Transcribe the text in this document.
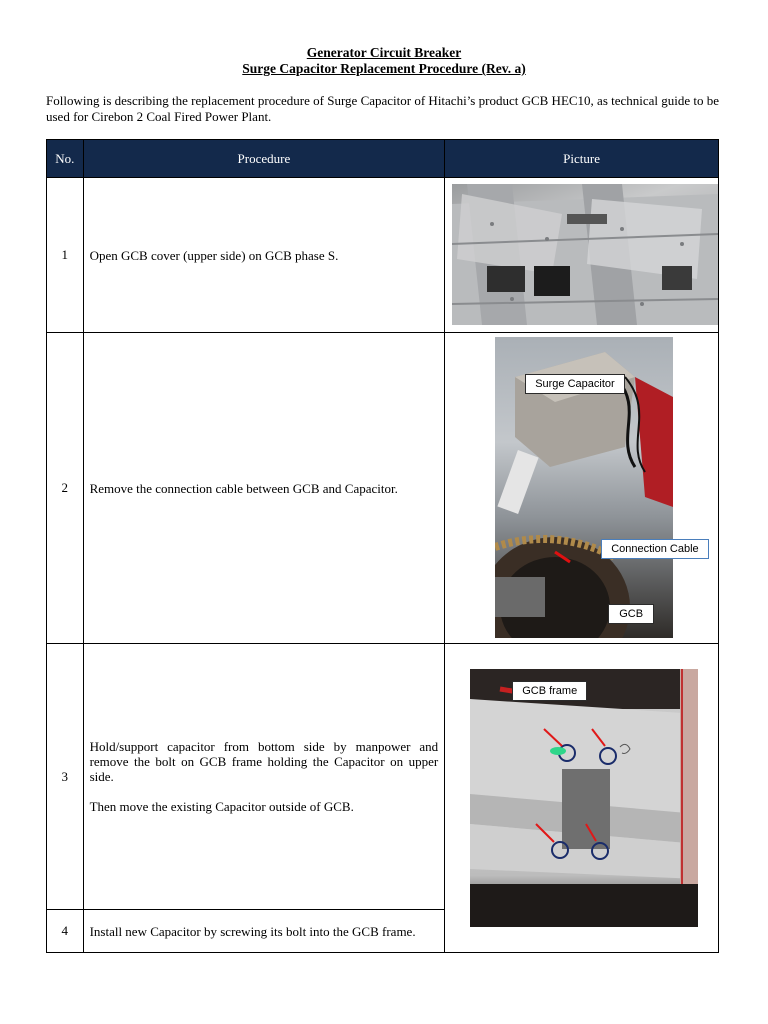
Generator Circuit Breaker
Surge Capacitor Replacement Procedure (Rev. a)
Following is describing the replacement procedure of Surge Capacitor of Hitachi’s product GCB HEC10, as technical guide to be used for Cirebon 2 Coal Fired Power Plant.
No.	Procedure	Picture
1	Open GCB cover (upper side) on GCB phase S.	

2	Remove the connection cable between GCB and Capacitor.	Surge Capacitor
GCB
Connection Cable

3	Hold/support capacitor from bottom side by manpower and remove the bolt on GCB frame holding the Capacitor on upper side.

Then move the existing Capacitor outside of GCB.	GCB frame

4	Install new Capacitor by screwing its bolt into the GCB frame.	
